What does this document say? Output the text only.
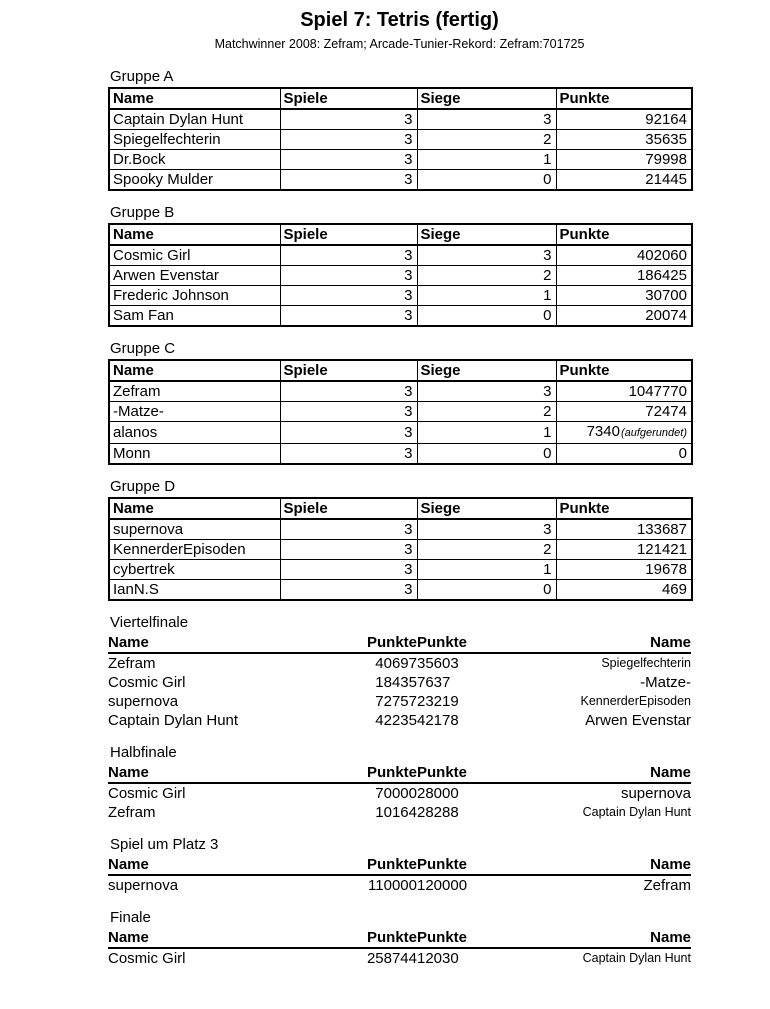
Spiel 7: Tetris (fertig)
Matchwinner 2008: Zefram; Arcade-Tunier-Rekord: Zefram:701725
Gruppe A
Name	Spiele	Siege	Punkte
Captain Dylan Hunt	3	3	92164
Spiegelfechterin	3	2	35635
Dr.Bock	3	1	79998
Spooky Mulder	3	0	21445
Gruppe B
Name	Spiele	Siege	Punkte
Cosmic Girl	3	3	402060
Arwen Evenstar	3	2	186425
Frederic Johnson	3	1	30700
Sam Fan	3	0	20074
Gruppe C
Name	Spiele	Siege	Punkte
Zefram	3	3	1047770
-Matze-	3	2	72474
alanos	3	1	7340(aufgerundet)
Monn	3	0	0
Gruppe D
Name	Spiele	Siege	Punkte
supernova	3	3	133687
KennerderEpisoden	3	2	121421
cybertrek	3	1	19678
IanN.S	3	0	469
Viertelfinale
Name	Punkte	Punkte	Name
Zefram	40697	35603	Spiegelfechterin
Cosmic Girl	18435	7637	-Matze-
supernova	72757	23219	KennerderEpisoden
Captain Dylan Hunt	42235	42178	Arwen Evenstar
Halbfinale
Name	Punkte	Punkte	Name
Cosmic Girl	70000	28000	supernova
Zefram	10164	28288	Captain Dylan Hunt
Spiel um Platz 3
Name	Punkte	Punkte	Name
supernova	110000	120000	Zefram
Finale
Name	Punkte	Punkte	Name
Cosmic Girl	258744	12030	Captain Dylan Hunt
